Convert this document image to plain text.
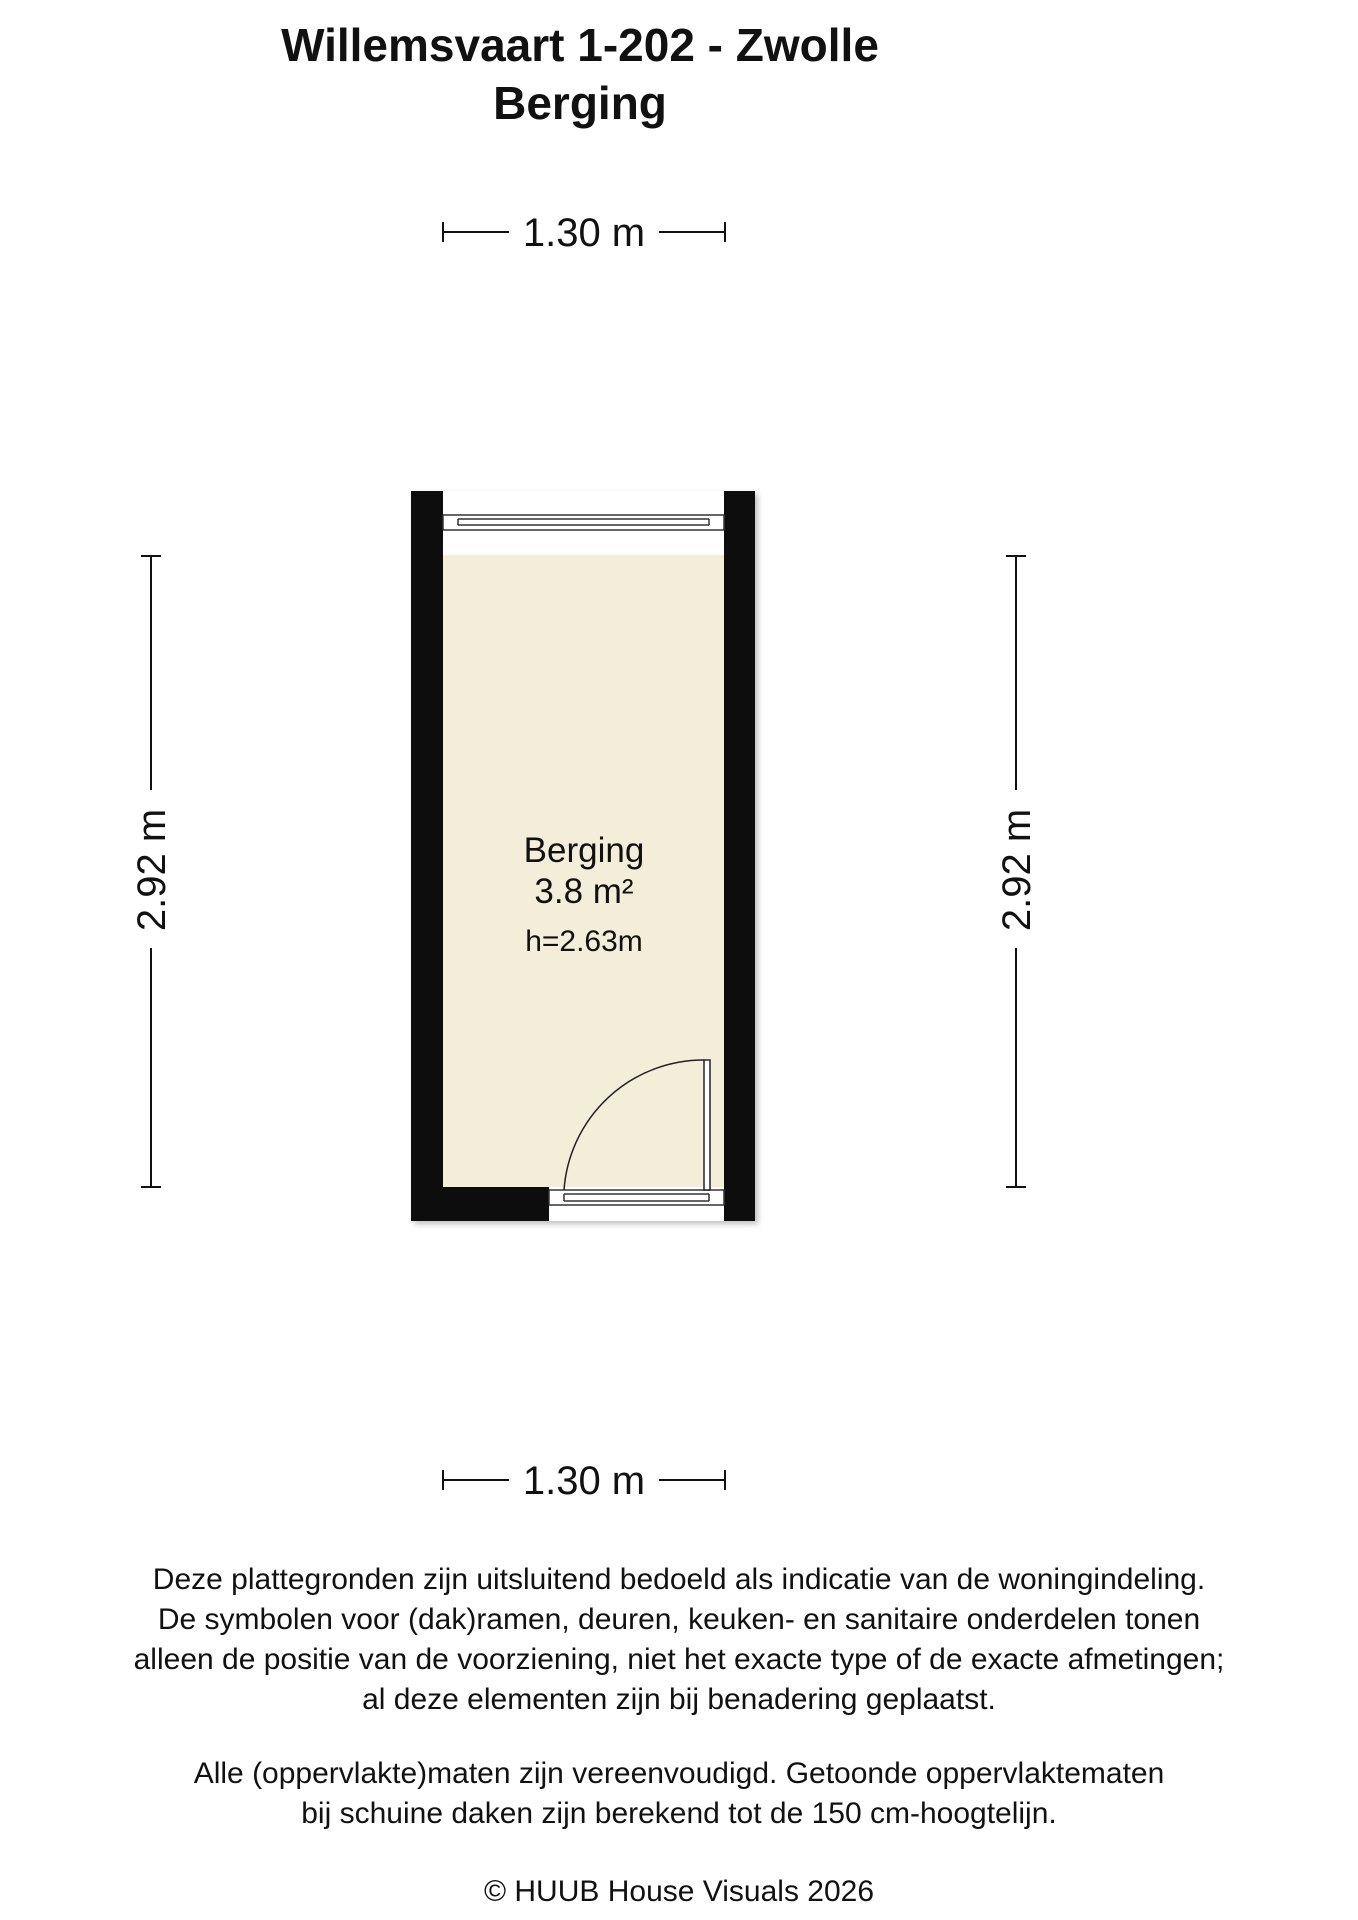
Willemsvaart 1-202 - Zwolle
Berging
1.30 m
1.30 m
2.92 m	2.92 m
Berging
3.8 m²
h=2.63m
Deze plattegronden zijn uitsluitend bedoeld als indicatie van de woningindeling.
De symbolen voor (dak)ramen, deuren, keuken- en sanitaire onderdelen tonen
alleen de positie van de voorziening, niet het exacte type of de exacte afmetingen;
al deze elementen zijn bij benadering geplaatst.
Alle (oppervlakte)maten zijn vereenvoudigd. Getoonde oppervlaktematen
bij schuine daken zijn berekend tot de 150 cm-hoogtelijn.
© HUUB House Visuals 2026
